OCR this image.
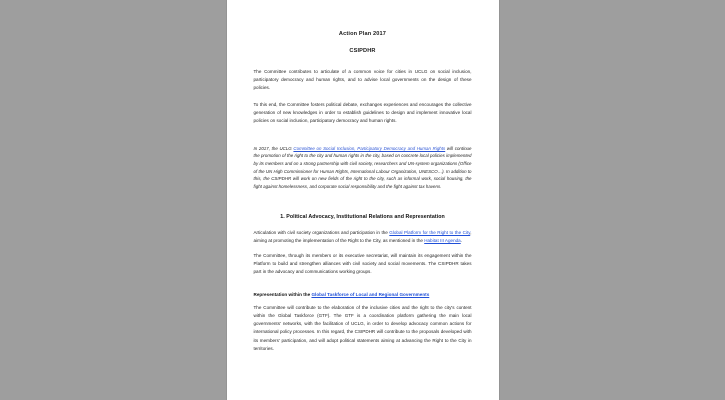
Action Plan 2017
CSIPDHR

The Committee contributes to articulate of a common voice for cities in UCLG on social inclusion, participatory democracy and human rights, and to advise local governments on the design of these policies.

To this end, the Committee fosters political debate, exchanges experiences and encourages the collective generation of new knowledges in order to establish guidelines to design and implement innovative local policies on social inclusion, participatory democracy and human rights.

In 2017, the UCLG Committee on Social Inclusion, Participatory Democracy and Human Rights will continue the promotion of the right to the city and human rights in the city, based on concrete local policies implemented by its members and on a strong partnership with civil society, researchers and UN-system organizations (Office of the UN High Commissioner for Human Rights, International Labour Organization, UNESCO…). In addition to this, the CSIPDHR will work on new fields of the right to the city, such as informal work, social housing, the fight against homelessness, and corporate social responsibility and the fight against tax havens.

1. Political Advocacy, Institutional Relations and Representation

Articulation with civil society organizations and participation in the Global Platform for the Right to the City, aiming at promoting the implementation of the Right to the City, as mentioned in the Habitat III Agenda.

The Committee, through its members or its executive secretariat, will maintain its engagement within the Platform to build and strengthen alliances with civil society and social movements. The CSIPDHR takes part in the advocacy and communications working groups.

Representation within the Global Taskforce of Local and Regional Governments

The Committee will contribute to the elaboration of the inclusive cities and the right to the city's content within the Global Taskforce (GTF). The GTF is a coordination platform gathering the main local governments' networks, with the facilitation of UCLG, in order to develop advocacy common actions for international policy processes. In this regard, the CSIPDHR will contribute to the proposals developed with its members' participation, and will adopt political statements aiming at advancing the Right to the City in territories.
